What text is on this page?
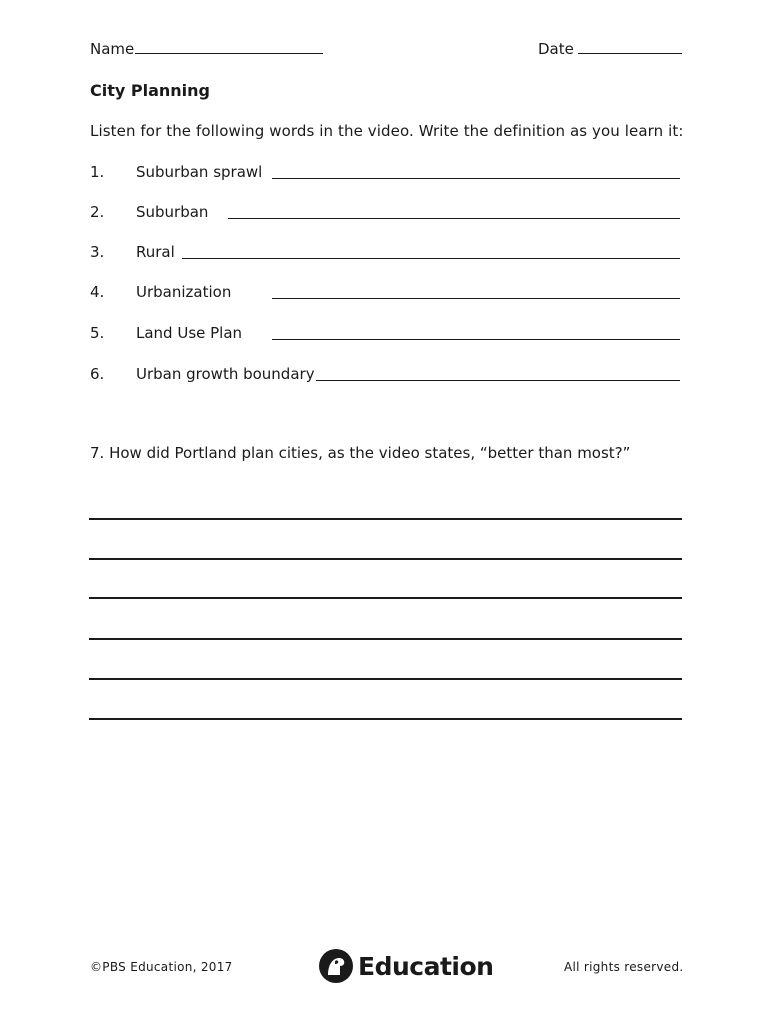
Name	Date
City Planning
Listen for the following words in the video. Write the definition as you learn it:
1. Suburban sprawl
2. Suburban
3. Rural
4. Urbanization
5. Land Use Plan
6. Urban growth boundary
7. How did Portland plan cities, as the video states, “better than most?”
©PBS Education, 2017	Education	All rights reserved.
